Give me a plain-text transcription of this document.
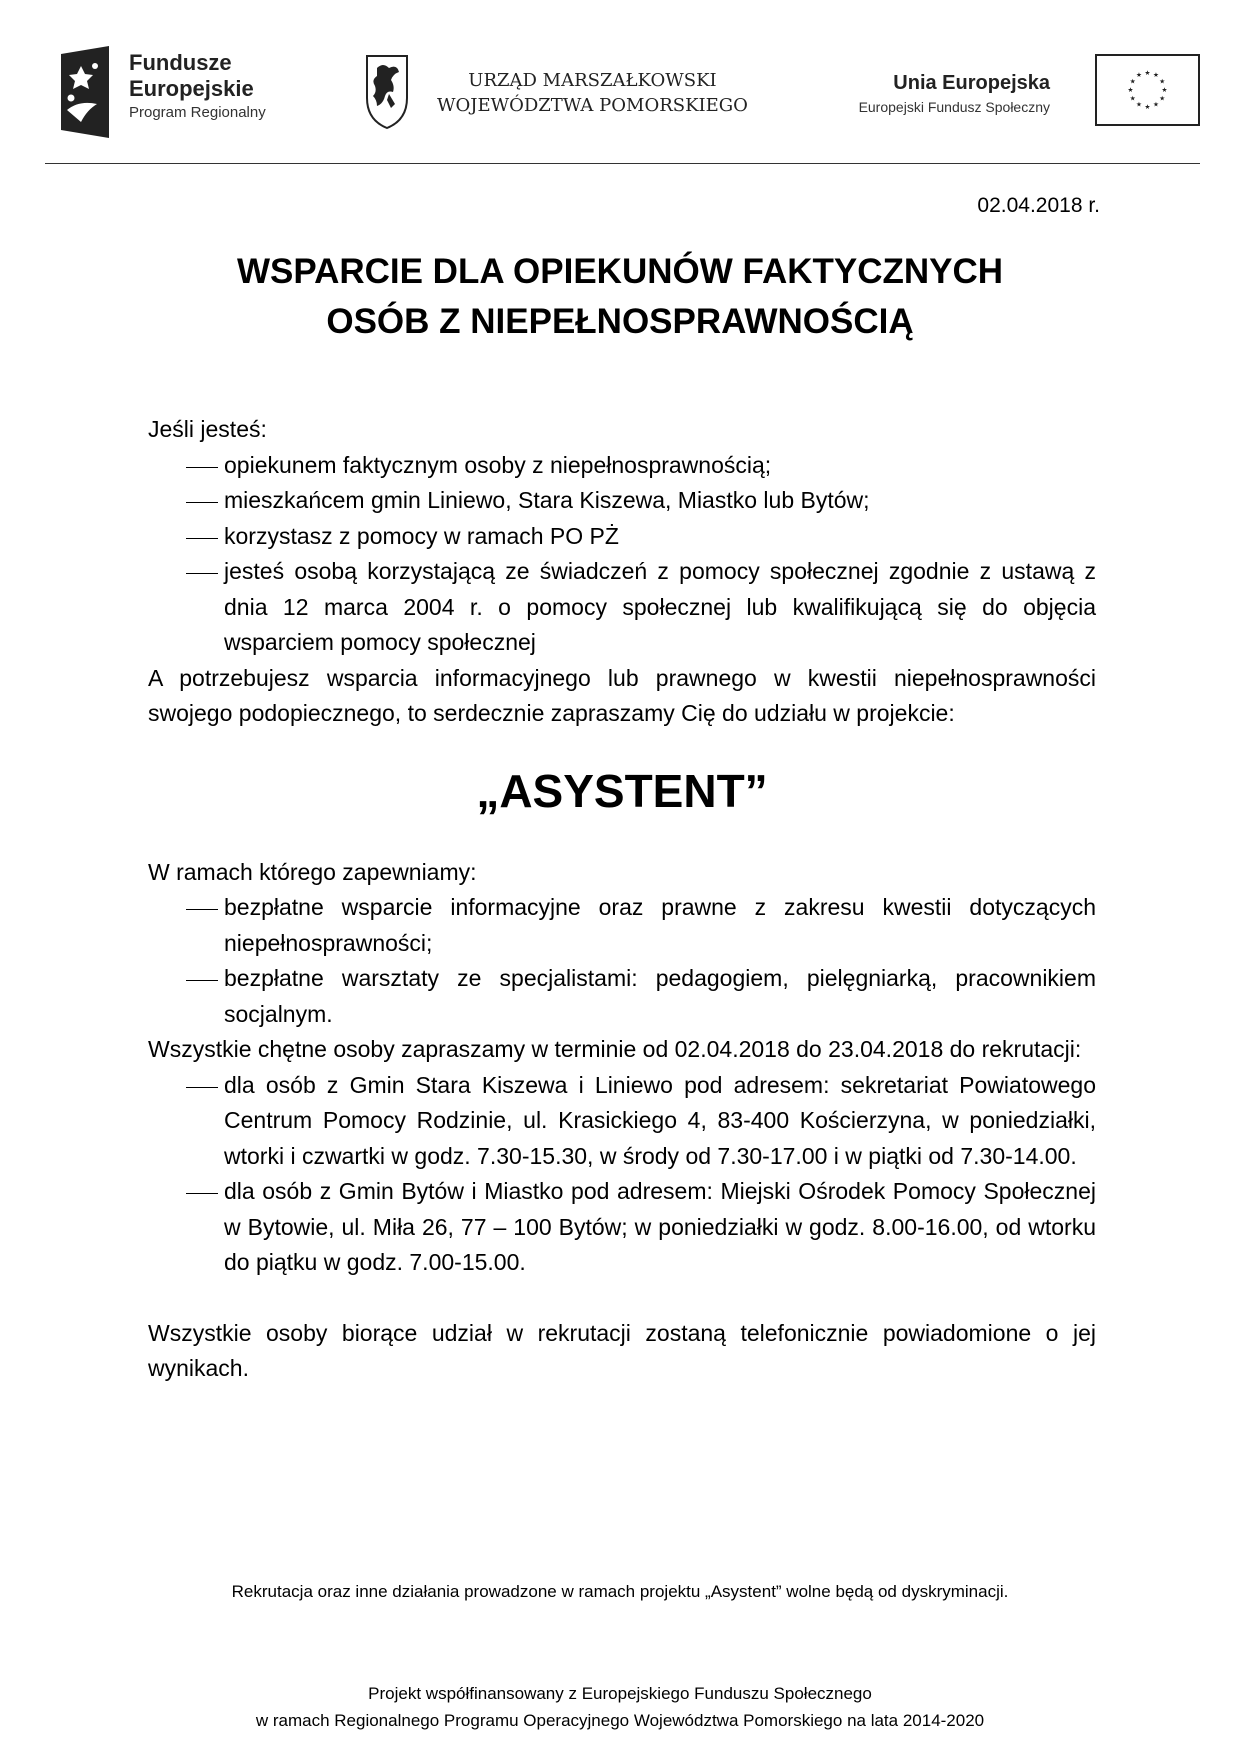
Fundusze
Europejskie
Program Regionalny
URZĄD MARSZAŁKOWSKI
WOJEWÓDZTWA POMORSKIEGO
Unia Europejska
Europejski Fundusz Społeczny
★ ★
★
★
★
★
★
★
★
★
★
★
02.04.2018 r.
WSPARCIE DLA OPIEKUNÓW FAKTYCZNYCH
OSÓB Z NIEPEŁNOSPRAWNOŚCIĄ

Jeśli jesteś:

opiekunem faktycznym osoby z niepełnosprawnością;
mieszkańcem gmin Liniewo, Stara Kiszewa, Miastko lub Bytów;
korzystasz z pomocy w ramach PO PŻ
jesteś osobą korzystającą ze świadczeń z pomocy społecznej zgodnie z ustawą z dnia 12 marca 2004 r. o pomocy społecznej lub kwalifikującą się do objęcia wsparciem pomocy społecznej

A potrzebujesz wsparcia informacyjnego lub prawnego w kwestii niepełnosprawności swojego podopiecznego, to serdecznie zapraszamy Cię do udziału w projekcie:

„ASYSTENT”

W ramach którego zapewniamy:

bezpłatne wsparcie informacyjne oraz prawne z zakresu kwestii dotyczących niepełnosprawności;
bezpłatne warsztaty ze specjalistami: pedagogiem, pielęgniarką, pracownikiem socjalnym.

Wszystkie chętne osoby zapraszamy w terminie od 02.04.2018 do 23.04.2018 do rekrutacji:

dla osób z Gmin Stara Kiszewa i Liniewo pod adresem: sekretariat Powiatowego Centrum Pomocy Rodzinie, ul. Krasickiego 4, 83-400 Kościerzyna, w poniedziałki, wtorki i czwartki w godz. 7.30-15.30, w środy od 7.30-17.00 i w piątki od 7.30-14.00.
dla osób z Gmin Bytów i Miastko pod adresem: Miejski Ośrodek Pomocy Społecznej w Bytowie, ul. Miła 26, 77 – 100 Bytów; w poniedziałki w godz. 8.00-16.00, od wtorku do piątku w godz. 7.00-15.00.

Wszystkie osoby biorące udział w rekrutacji zostaną telefonicznie powiadomione o jej wynikach.

Rekrutacja oraz inne działania prowadzone w ramach projektu „Asystent” wolne będą od dyskryminacji.
Projekt współfinansowany z Europejskiego Funduszu Społecznego
w ramach Regionalnego Programu Operacyjnego Województwa Pomorskiego na lata 2014-2020
